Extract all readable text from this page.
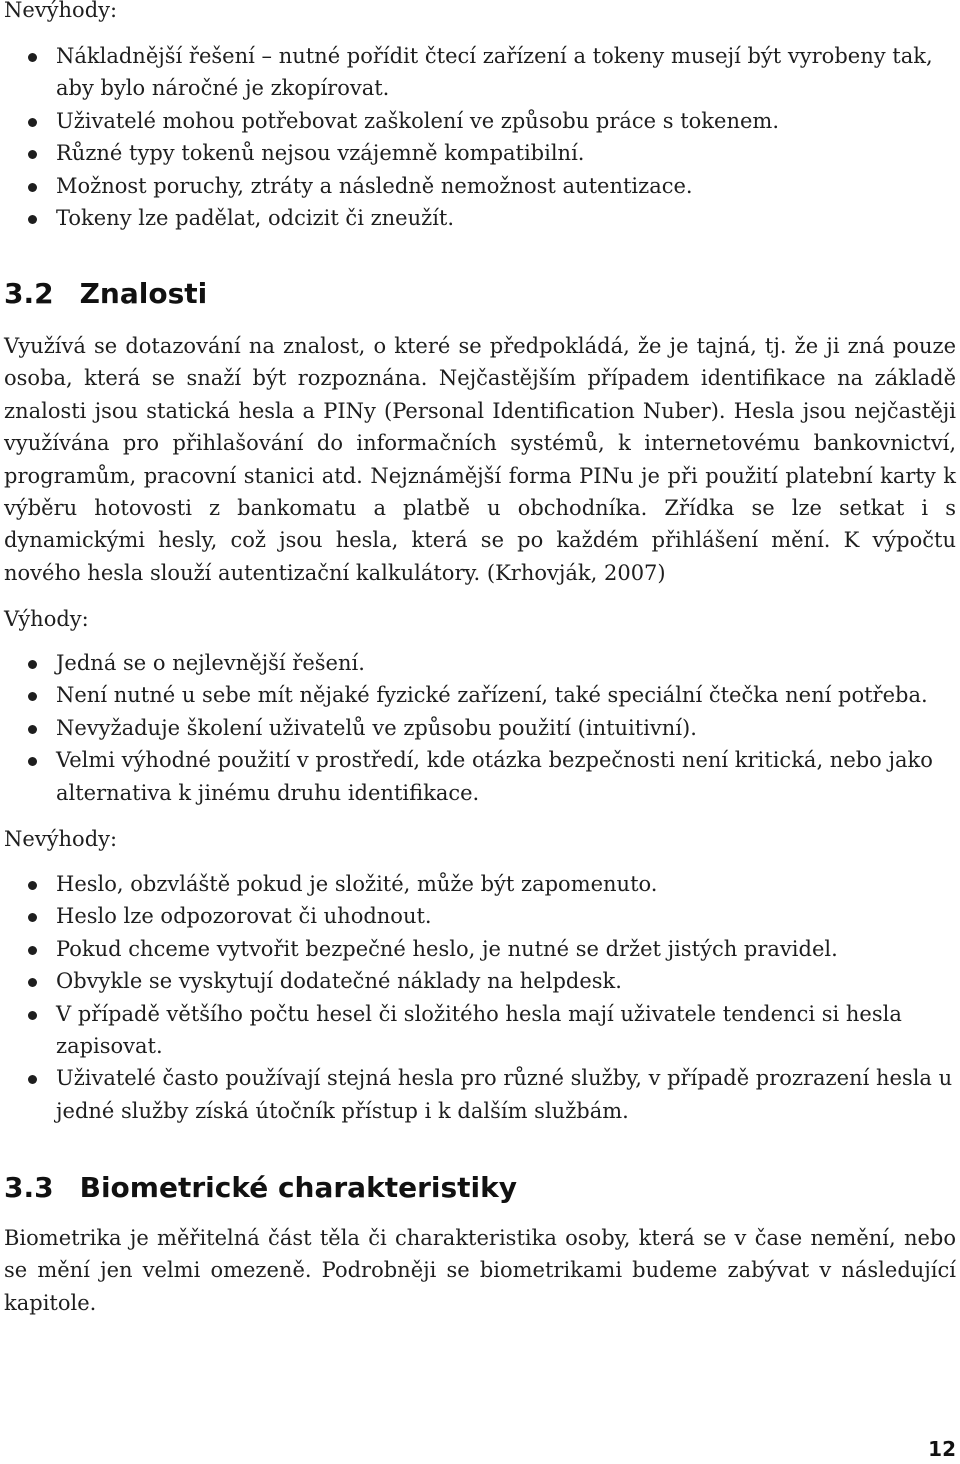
Nevýhody:

Nákladnější řešení – nutné pořídit čtecí zařízení a tokeny musejí být vyrobeny tak, aby bylo náročné je zkopírovat.
Uživatelé mohou potřebovat zaškolení ve způsobu práce s tokenem.
Různé typy tokenů nejsou vzájemně kompatibilní.
Možnost poruchy, ztráty a následně nemožnost autentizace.
Tokeny lze padělat, odcizit či zneužít.
3.2 Znalosti

Využívá se dotazování na znalost, o které se předpokládá, že je tajná, tj. že ji zná pouze osoba, která se snaží být rozpoznána. Nejčastějším případem identifikace na základě znalosti jsou statická hesla a PINy (Personal Identification Nuber). Hesla jsou nejčastěji využívána pro přihlašování do informačních systémů, k internetovému bankovnictví, programům, pracovní stanici atd. Nejznámější forma PINu je při použití platební karty k výběru hotovosti z bankomatu a platbě u obchodníka. Zřídka se lze setkat i s dynamickými hesly, což jsou hesla, která se po každém přihlášení mění. K výpočtu nového hesla slouží autentizační kalkulátory. (Krhovják, 2007)

Výhody:

Jedná se o nejlevnější řešení.
Není nutné u sebe mít nějaké fyzické zařízení, také speciální čtečka není potřeba.
Nevyžaduje školení uživatelů ve způsobu použití (intuitivní).
Velmi výhodné použití v prostředí, kde otázka bezpečnosti není kritická, nebo jako alternativa k jinému druhu identifikace.

Nevýhody:

Heslo, obzvláště pokud je složité, může být zapomenuto.
Heslo lze odpozorovat či uhodnout.
Pokud chceme vytvořit bezpečné heslo, je nutné se držet jistých pravidel.
Obvykle se vyskytují dodatečné náklady na helpdesk.
V případě většího počtu hesel či složitého hesla mají uživatele tendenci si hesla zapisovat.
Uživatelé často používají stejná hesla pro různé služby, v případě prozrazení hesla u jedné služby získá útočník přístup i k dalším službám.
3.3 Biometrické charakteristiky

Biometrika je měřitelná část těla či charakteristika osoby, která se v čase nemění, nebo se mění jen velmi omezeně. Podrobněji se biometrikami budeme zabývat v následující kapitole.

12
